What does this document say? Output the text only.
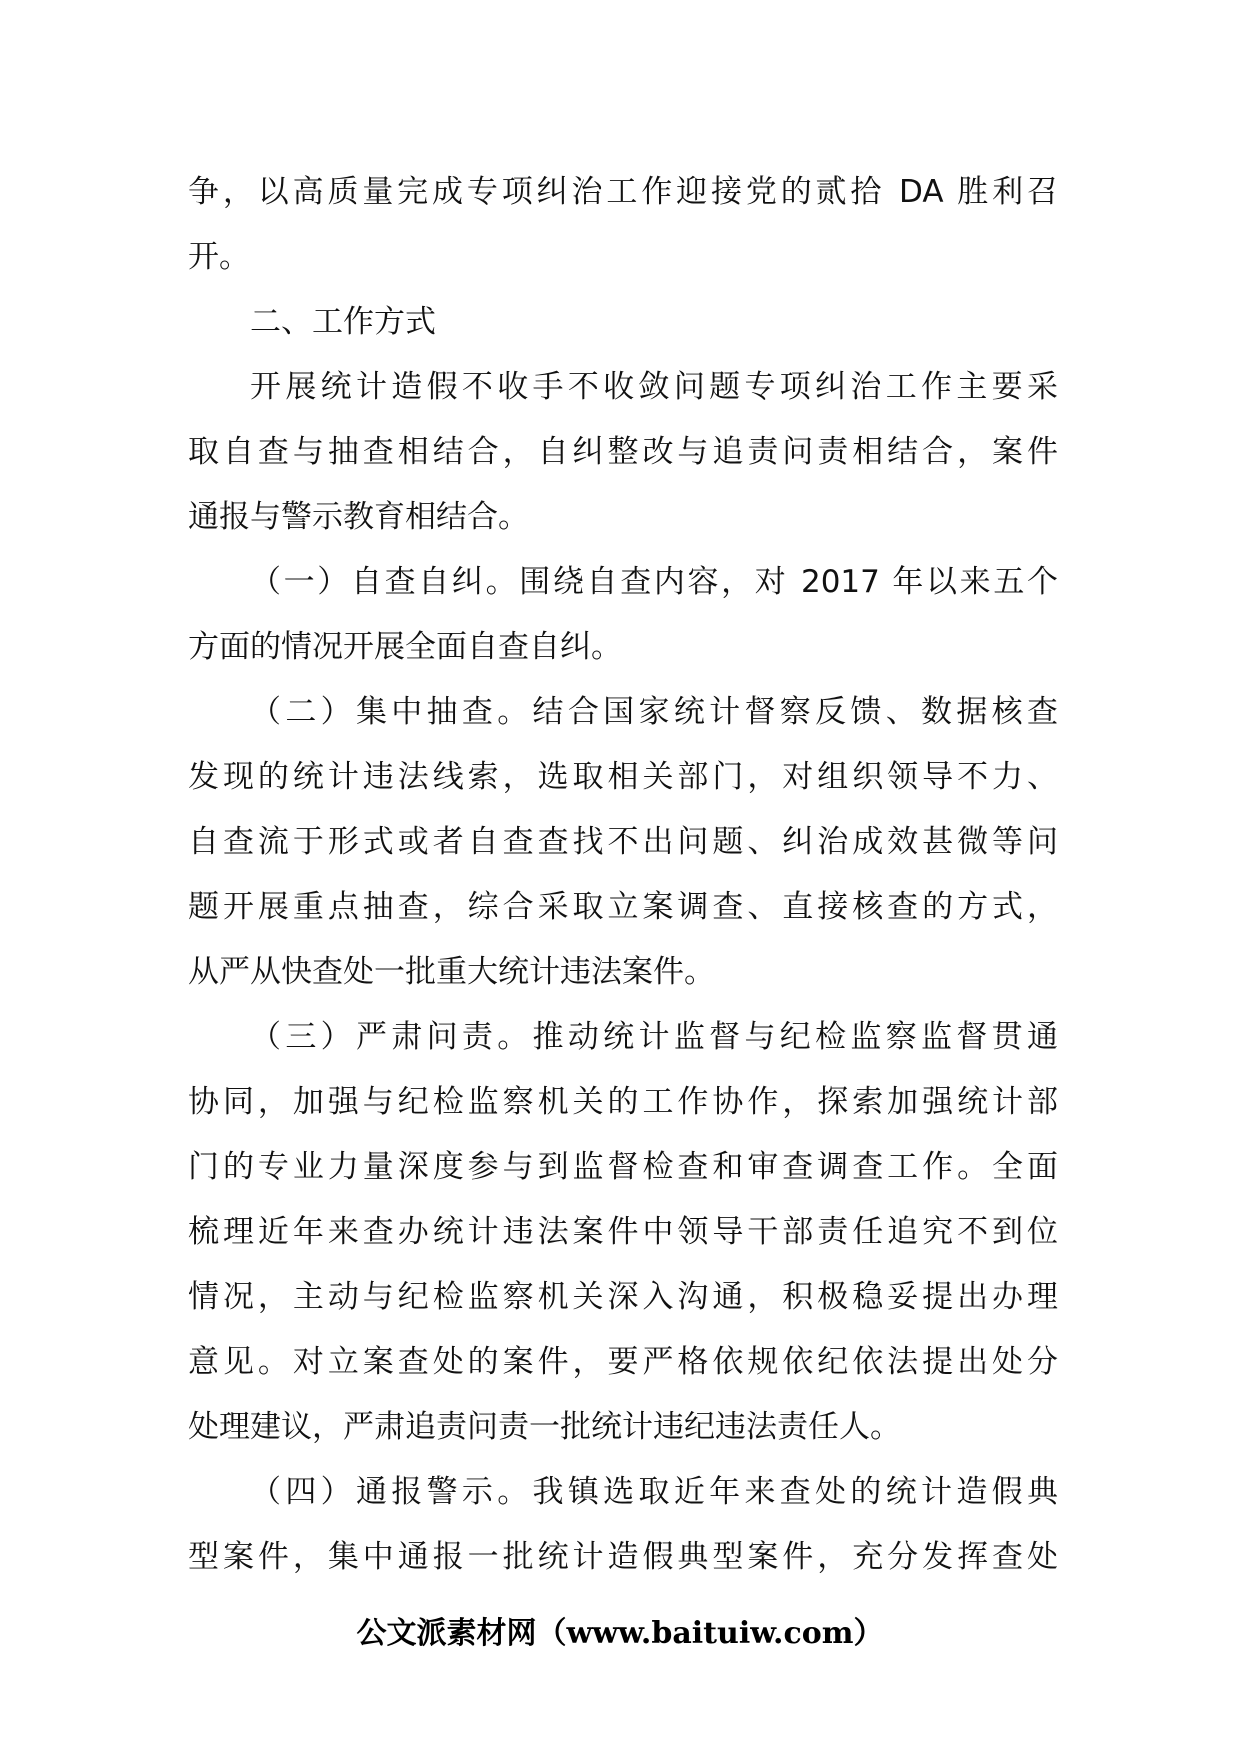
争，以高质量完成专项纠治工作迎接党的贰拾 DA 胜利召
开。
二、工作方式
开展统计造假不收手不收敛问题专项纠治工作主要采
取自查与抽查相结合，自纠整改与追责问责相结合，案件
通报与警示教育相结合。
（一）自查自纠。围绕自查内容，对 2017 年以来五个
方面的情况开展全面自查自纠。
（二）集中抽查。结合国家统计督察反馈、数据核查
发现的统计违法线索，选取相关部门，对组织领导不力、
自查流于形式或者自查查找不出问题、纠治成效甚微等问
题开展重点抽查，综合采取立案调查、直接核查的方式，
从严从快查处一批重大统计违法案件。
（三）严肃问责。推动统计监督与纪检监察监督贯通
协同，加强与纪检监察机关的工作协作，探索加强统计部
门的专业力量深度参与到监督检查和审查调查工作。全面
梳理近年来查办统计违法案件中领导干部责任追究不到位
情况，主动与纪检监察机关深入沟通，积极稳妥提出办理
意见。对立案查处的案件，要严格依规依纪依法提出处分
处理建议，严肃追责问责一批统计违纪违法责任人。
（四）通报警示。我镇选取近年来查处的统计造假典
型案件，集中通报一批统计造假典型案件，充分发挥查处
公文派素材网（www.baituiw.com）
